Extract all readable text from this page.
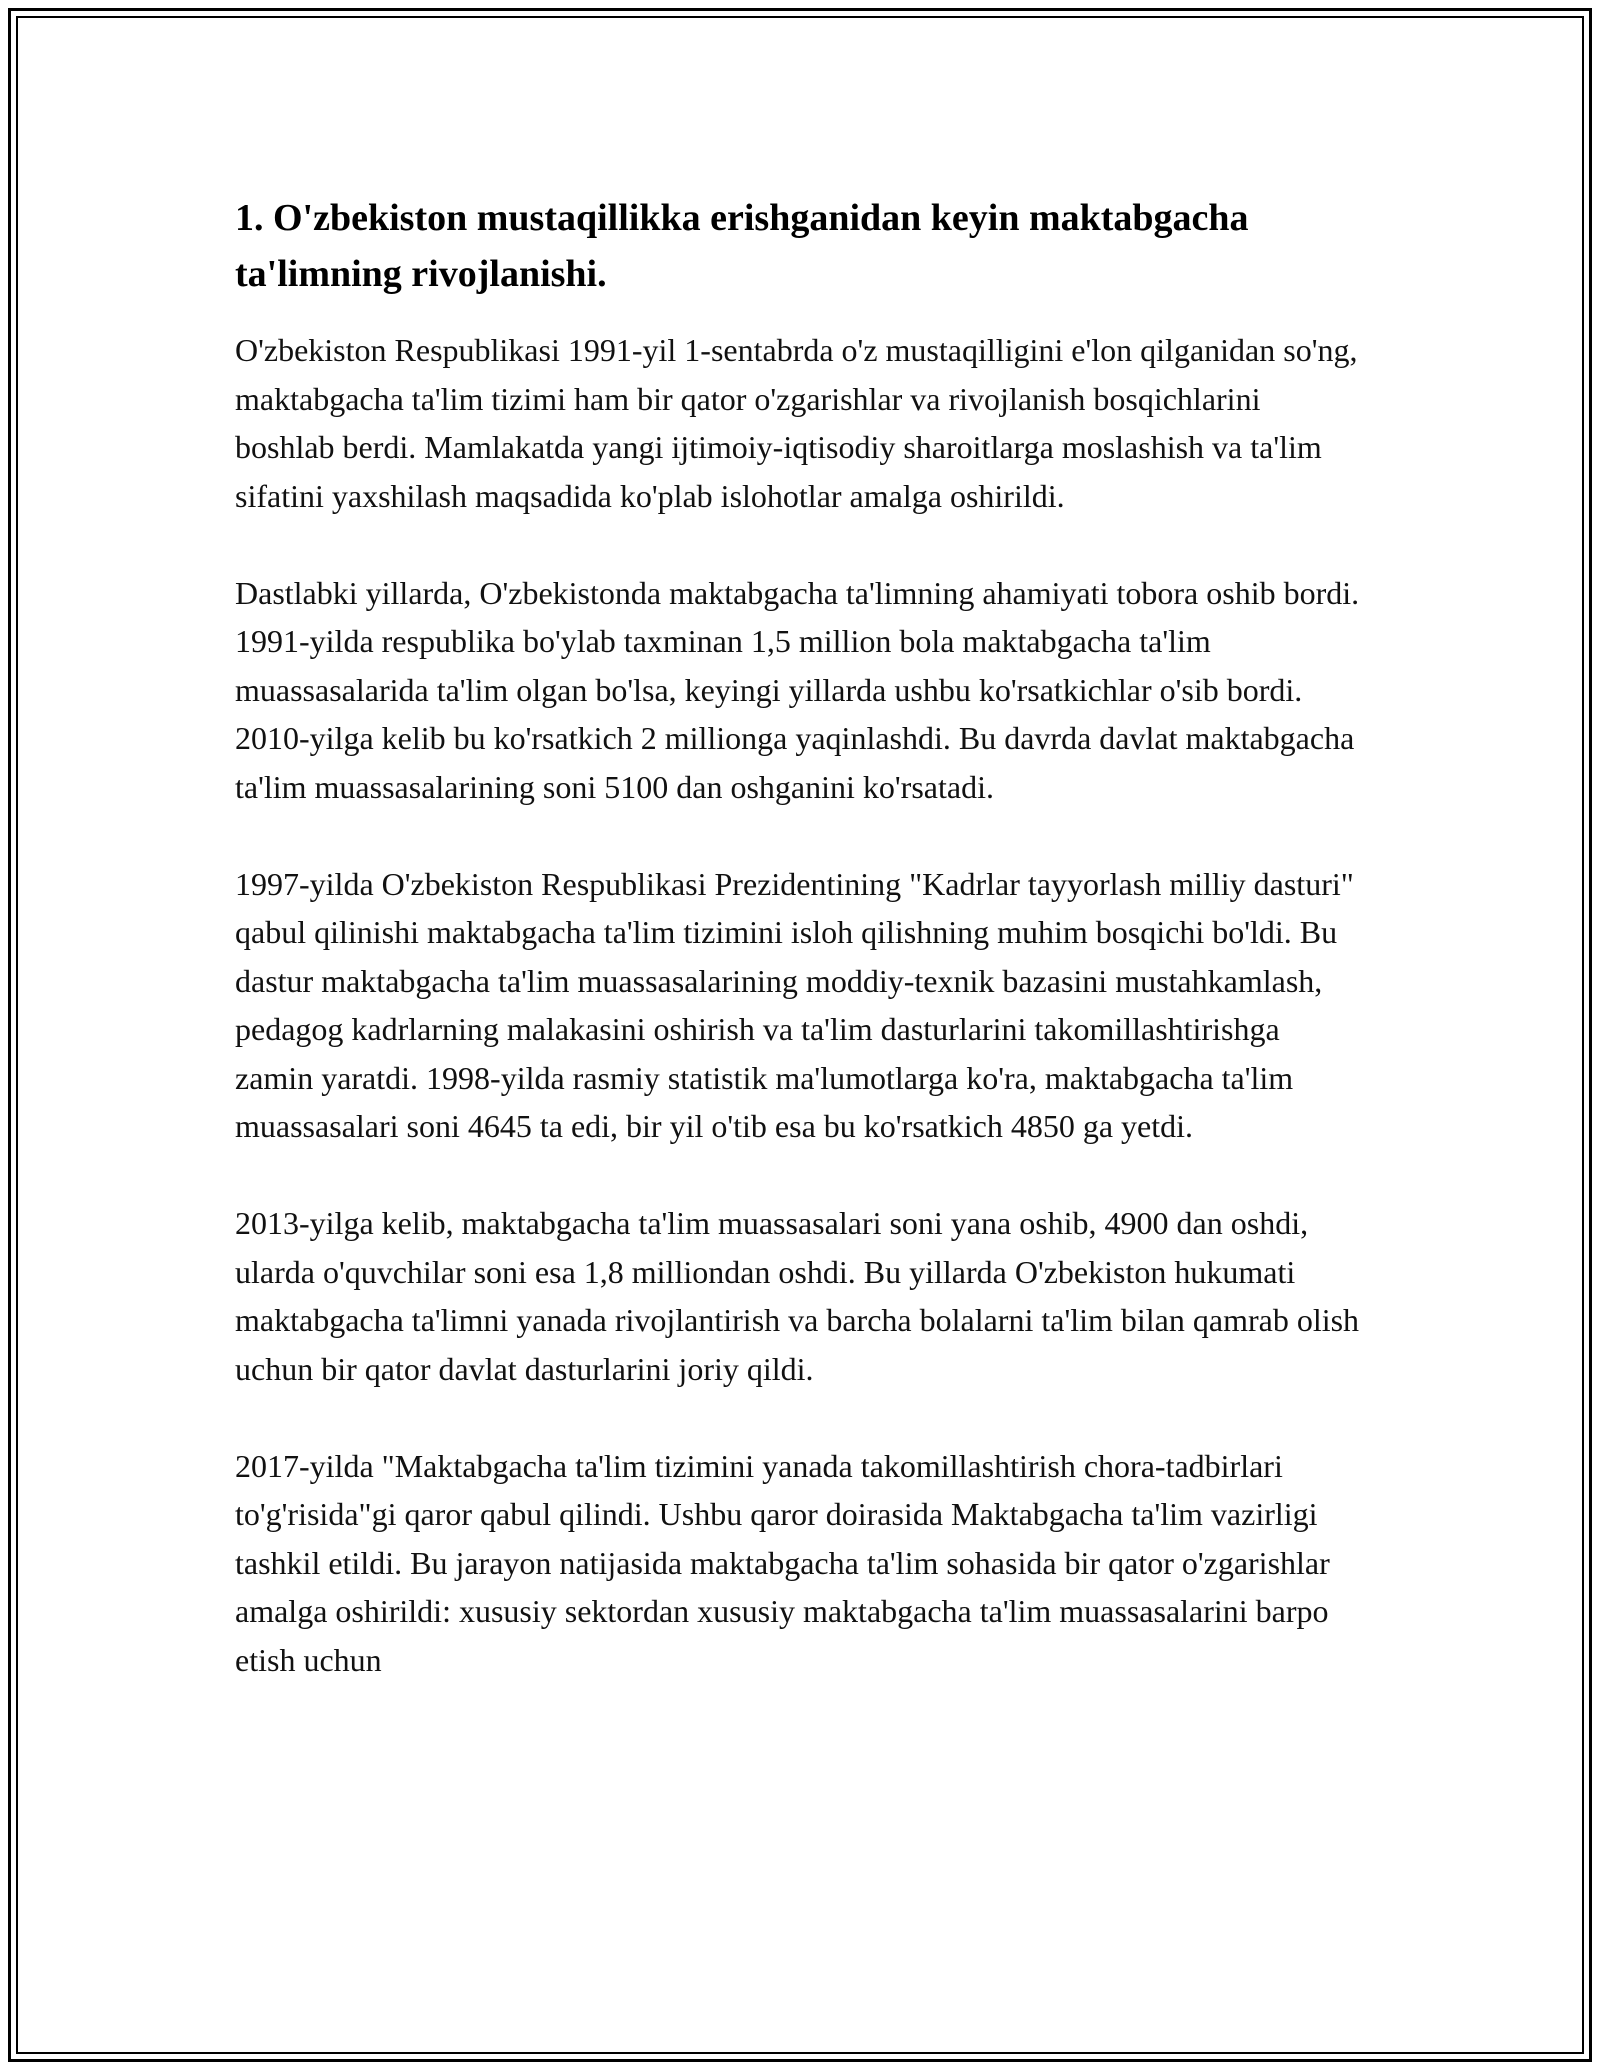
1. O'zbekiston mustaqillikka erishganidan keyin maktabgacha ta'limning rivojlanishi.

O'zbekiston Respublikasi 1991-yil 1-sentabrda o'z mustaqilligini e'lon qilganidan so'ng, maktabgacha ta'lim tizimi ham bir qator o'zgarishlar va rivojlanish bosqichlarini boshlab berdi. Mamlakatda yangi ijtimoiy-iqtisodiy sharoitlarga moslashish va ta'lim sifatini yaxshilash maqsadida ko'plab islohotlar amalga oshirildi.

Dastlabki yillarda, O'zbekistonda maktabgacha ta'limning ahamiyati tobora oshib bordi. 1991-yilda respublika bo'ylab taxminan 1,5 million bola maktabgacha ta'lim muassasalarida ta'lim olgan bo'lsa, keyingi yillarda ushbu ko'rsatkichlar o'sib bordi. 2010-yilga kelib bu ko'rsatkich 2 millionga yaqinlashdi. Bu davrda davlat maktabgacha ta'lim muassasalarining soni 5100 dan oshganini ko'rsatadi.

1997-yilda O'zbekiston Respublikasi Prezidentining "Kadrlar tayyorlash milliy dasturi" qabul qilinishi maktabgacha ta'lim tizimini isloh qilishning muhim bosqichi bo'ldi. Bu dastur maktabgacha ta'lim muassasalarining moddiy-texnik bazasini mustahkamlash, pedagog kadrlarning malakasini oshirish va ta'lim dasturlarini takomillashtirishga zamin yaratdi. 1998-yilda rasmiy statistik ma'lumotlarga ko'ra, maktabgacha ta'lim muassasalari soni 4645 ta edi, bir yil o'tib esa bu ko'rsatkich 4850 ga yetdi.

2013-yilga kelib, maktabgacha ta'lim muassasalari soni yana oshib, 4900 dan oshdi, ularda o'quvchilar soni esa 1,8 milliondan oshdi. Bu yillarda O'zbekiston hukumati maktabgacha ta'limni yanada rivojlantirish va barcha bolalarni ta'lim bilan qamrab olish uchun bir qator davlat dasturlarini joriy qildi.

2017-yilda "Maktabgacha ta'lim tizimini yanada takomillashtirish chora-tadbirlari to'g'risida"gi qaror qabul qilindi. Ushbu qaror doirasida Maktabgacha ta'lim vazirligi tashkil etildi. Bu jarayon natijasida maktabgacha ta'lim sohasida bir qator o'zgarishlar amalga oshirildi: xususiy sektordan xususiy maktabgacha ta'lim muassasalarini barpo etish uchun
